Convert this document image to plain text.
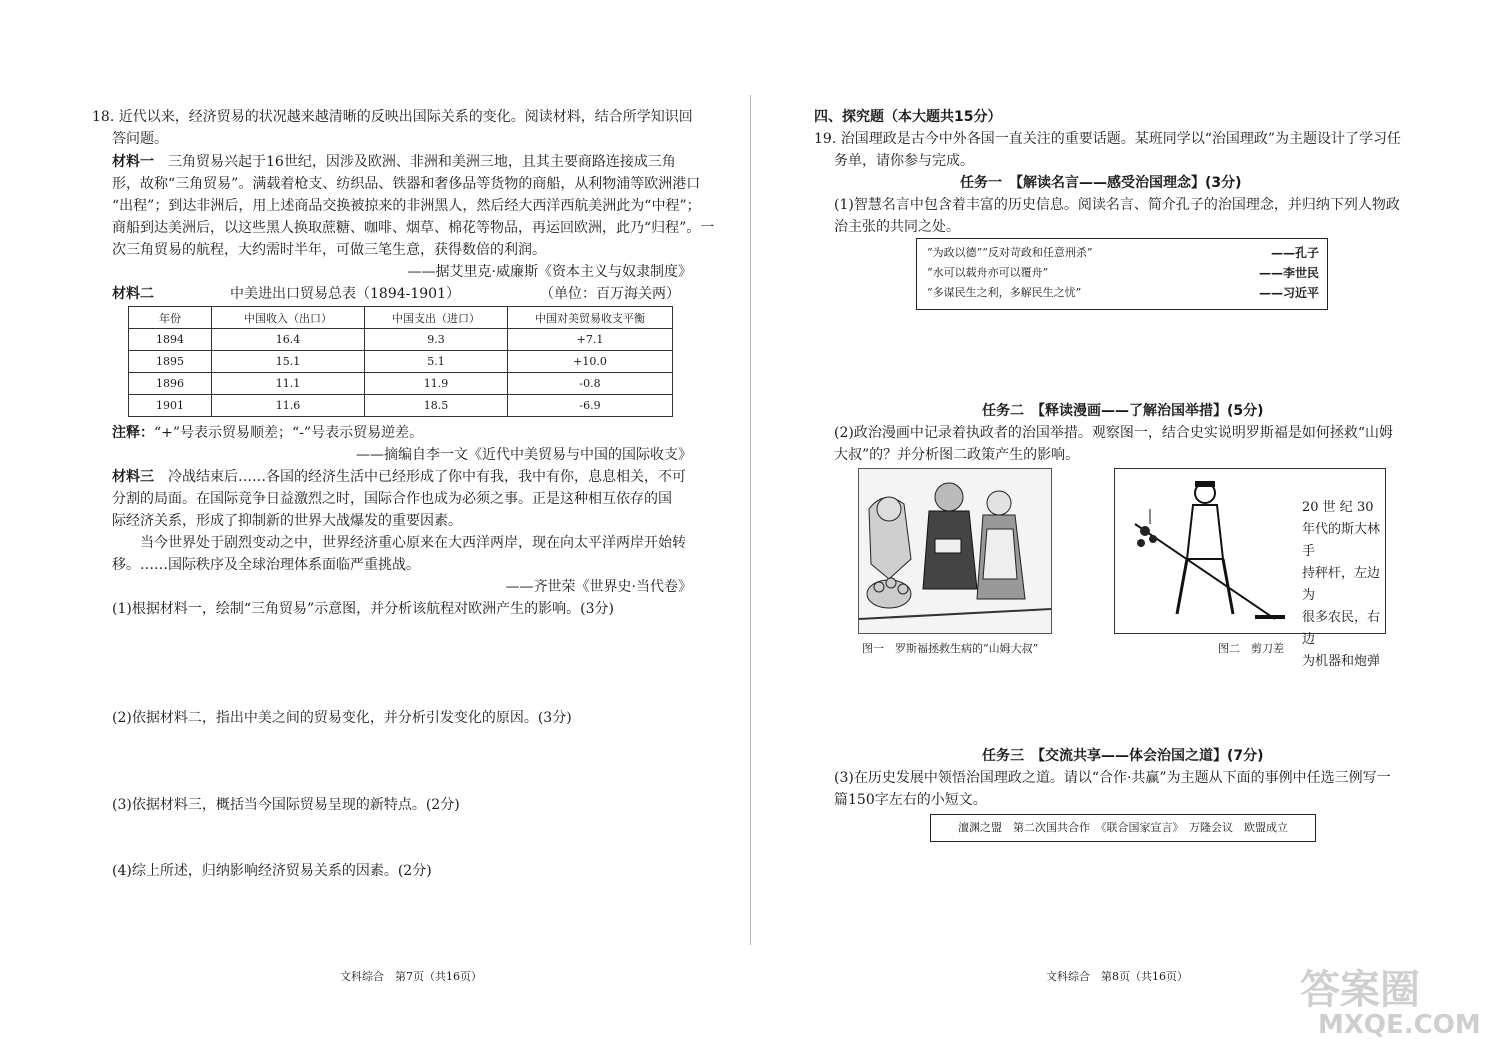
18. 近代以来，经济贸易的状况越来越清晰的反映出国际关系的变化。阅读材料，结合所学知识回
答问题。
材料一　 三角贸易兴起于16世纪，因涉及欧洲、非洲和美洲三地，且其主要商路连接成三角
形，故称“三角贸易”。满载着枪支、纺织品、铁器和奢侈品等货物的商船，从利物浦等欧洲港口
“出程”；到达非洲后，用上述商品交换被掠来的非洲黑人，然后经大西洋西航美洲此为“中程”；
商船到达美洲后，以这些黑人换取蔗糖、咖啡、烟草、棉花等物品，再运回欧洲，此乃“归程”。一
次三角贸易的航程，大约需时半年，可做三笔生意，获得数倍的利润。
——据艾里克·威廉斯《资本主义与奴隶制度》
材料二	中美进出口贸易总表（1894-1901）	（单位：百万海关两）
年份	中国收入（出口）	中国支出（进口）	中国对美贸易收支平衡
1894	16.4	9.3	+7.1
1895	15.1	5.1	+10.0
1896	11.1	11.9	-0.8
1901	11.6	18.5	-6.9
注释：“+”号表示贸易顺差；“-”号表示贸易逆差。
——摘编自李一文《近代中美贸易与中国的国际收支》
材料三　 冷战结束后……各国的经济生活中已经形成了你中有我，我中有你，息息相关，不可
分割的局面。在国际竞争日益激烈之时，国际合作也成为必须之事。正是这种相互依存的国
际经济关系，形成了抑制新的世界大战爆发的重要因素。
当今世界处于剧烈变动之中，世界经济重心原来在大西洋两岸，现在向太平洋两岸开始转
移。……国际秩序及全球治理体系面临严重挑战。
——齐世荣《世界史·当代卷》
(1)根据材料一，绘制“三角贸易”示意图，并分析该航程对欧洲产生的影响。(3分)
(2)依据材料二，指出中美之间的贸易变化，并分析引发变化的原因。(3分)
(3)依据材料三，概括当今国际贸易呈现的新特点。(2分)
(4)综上所述，归纳影响经济贸易关系的因素。(2分)
文科综合　第7页（共16页）
四、探究题（本大题共15分）
19. 治国理政是古今中外各国一直关注的重要话题。某班同学以“治国理政”为主题设计了学习任
务单，请你参与完成。
任务一　【解读名言——感受治国理念】(3分)
(1)智慧名言中包含着丰富的历史信息。阅读名言、简介孔子的治国理念，并归纳下列人物政
治主张的共同之处。
“为政以德”“反对苛政和任意刑杀”	——孔子
“水可以载舟亦可以覆舟”	——李世民
“多谋民生之利，多解民生之忧”	——习近平
任务二　【释读漫画——了解治国举措】(5分)
(2)政治漫画中记录着执政者的治国举措。观察图一，结合史实说明罗斯福是如何拯救“山姆
大叔”的？并分析图二政策产生的影响。
20 世 纪 30
年代的斯大林手
持秤杆，左边为
很多农民，右边
为机器和炮弹
图一　罗斯福拯救生病的“山姆大叔”	图二　剪刀差
任务三　【交流共享——体会治国之道】(7分)
(3)在历史发展中领悟治国理政之道。请以“合作·共赢”为主题从下面的事例中任选三例写一
篇150字左右的小短文。
澶渊之盟　第二次国共合作　《联合国家宣言》　万隆会议　欧盟成立
文科综合　第8页（共16页）	答案圈
MXQE.COM
